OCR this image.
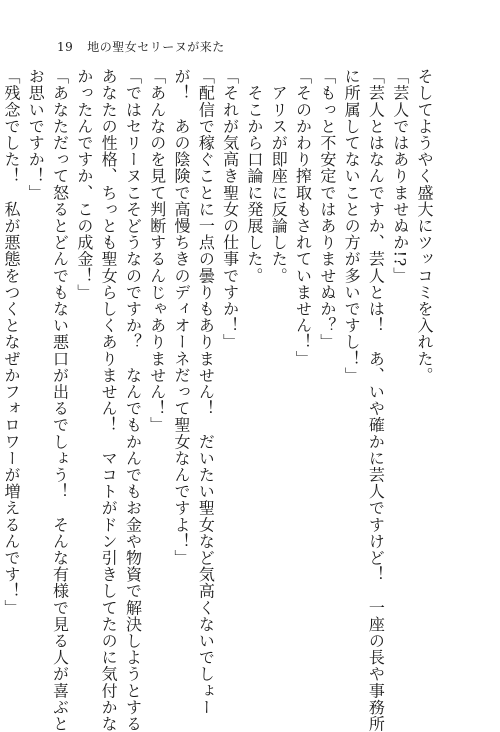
19 地の聖女セリーヌが来た

そしてようやく盛大にツッコミを入れた。

「芸人ではありませぬか!?」

「芸人とはなんですか、芸人とは！　あ、いや確かに芸人ですけど！　一座の長や事務所

に所属してないことの方が多いですし！」

「もっと不安定ではありませぬか？」

「そのかわり搾取もされていません！」

　アリスが即座に反論した。

　そこから口論に発展した。

「それが気高き聖女の仕事ですか！」

「配信で稼ぐことに一点の曇りもありません！　だいたい聖女など気高くないでしょー

が！　あの陰険で高慢ちきのディオーネだって聖女なんですよ！」

「あんなのを見て判断するんじゃありません！」

「ではセリーヌこそどうなのですか？　なんでもかんでもお金や物資で解決しようとする

あなたの性格、ちっとも聖女らしくありません！　マコトがドン引きしてたのに気付かな

かったんですか、この成金！」

「あなただって怒るとどんでもない悪口が出るでしょう！　そんな有様で見る人が喜ぶと

お思いですか！」

「残念でした！　私が悪態をつくとなぜかフォロワーが増えるんです！」
